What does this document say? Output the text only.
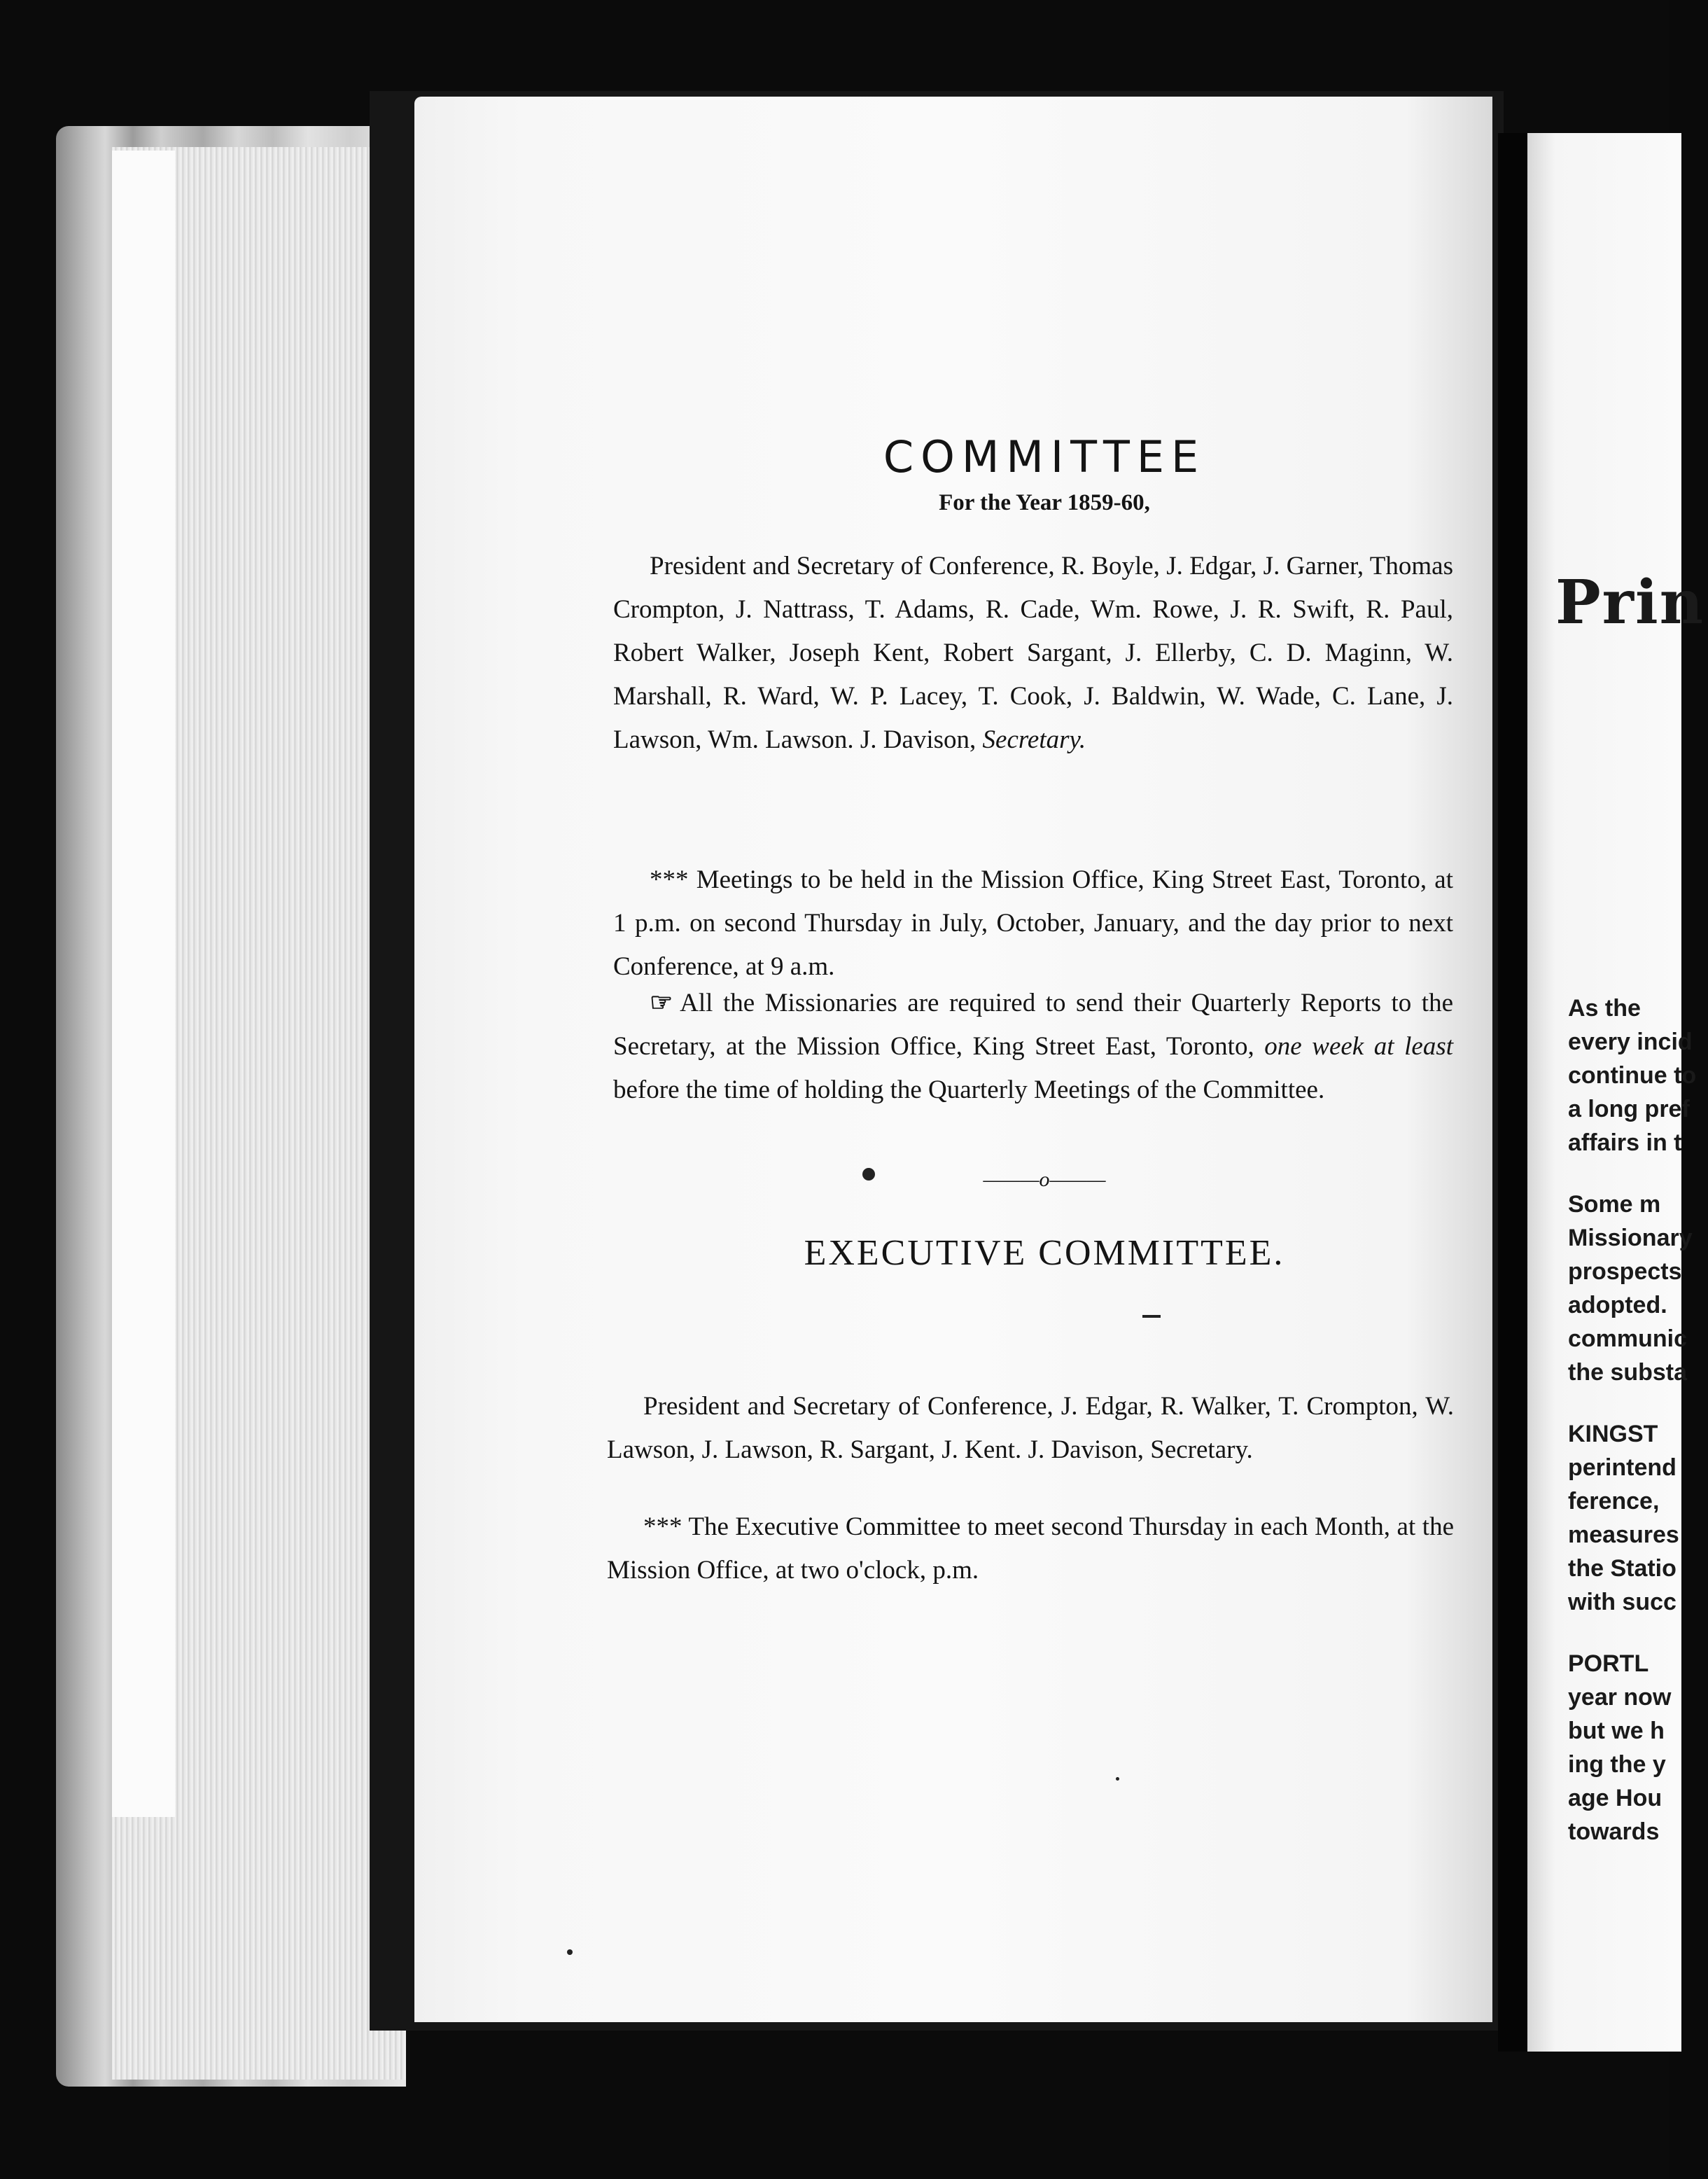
COMMITTEE
For the Year 1859-60,
President and Secretary of Conference, R. Boyle, J. Edgar, J. Garner, Thomas Crompton, J. Nattrass, T. Adams, R. Cade, Wm. Rowe, J. R. Swift, R. Paul, Robert Walker, Joseph Kent, Robert Sargant, J. Ellerby, C. D. Maginn, W. Marshall, R. Ward, W. P. Lacey, T. Cook, J. Baldwin, W. Wade, C. Lane, J. Lawson, Wm. Lawson. J. Davison, Secretary.
*** Meetings to be held in the Mission Office, King Street East, Toronto, at 1 p.m. on second Thursday in July, October, January, and the day prior to next Conference, at 9 a.m.
☞ All the Missionaries are required to send their Quarterly Reports to the Secretary, at the Mission Office, King Street East, Toronto, one week at least before the time of holding the Quarterly Meetings of the Committee.
———o———
EXECUTIVE COMMITTEE.
President and Secretary of Conference, J. Edgar, R. Walker, T. Crompton, W. Lawson, J. Lawson, R. Sargant, J. Kent. J. Davison, Secretary.
*** The Executive Committee to meet second Thursday in each Month, at the Mission Office, at two o'clock, p.m.
Prin
As the
every incid
continue to
a long pref
affairs in t
Some m
Missionary
prospects
adopted.
communic
the substa
KINGST
perintend
ference,
measures
the Statio
with succ
PORTL
year now
but we h
ing the y
age Hou
towards
